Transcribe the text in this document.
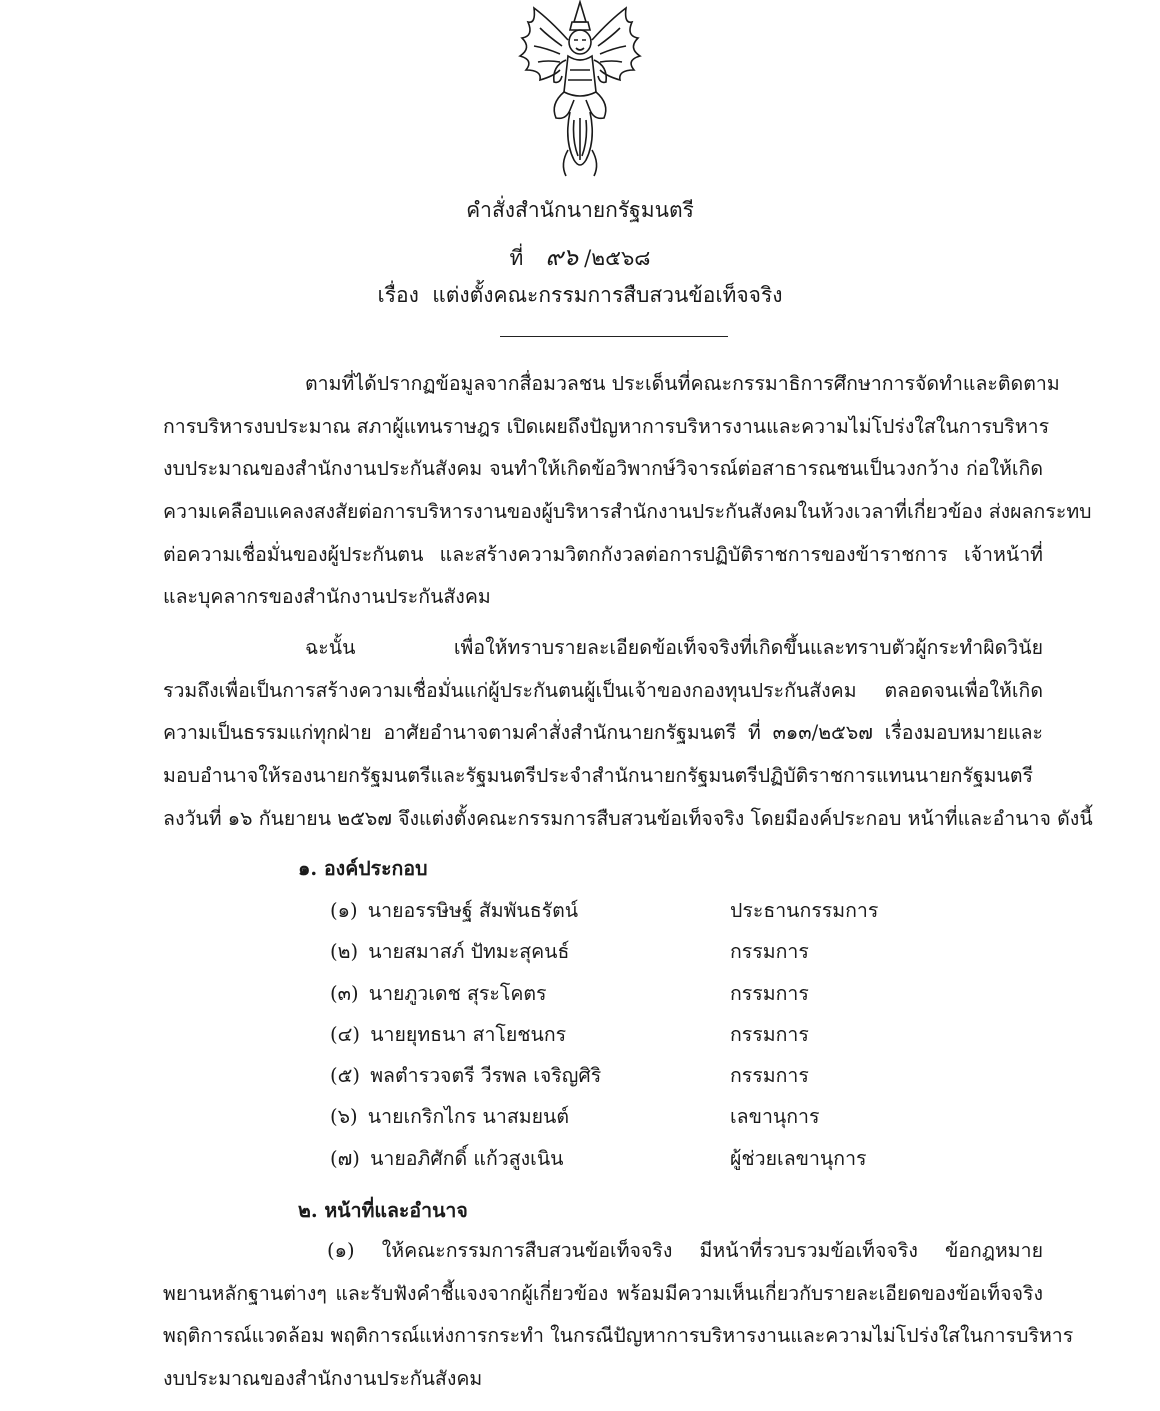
คำสั่งสำนักนายกรัฐมนตรี
ที่ ๙๖ /๒๕๖๘
เรื่อง แต่งตั้งคณะกรรมการสืบสวนข้อเท็จจริง
ตามที่ได้ปรากฏข้อมูลจากสื่อมวลชน ประเด็นที่คณะกรรมาธิการศึกษาการจัดทำและติดตาม
การบริหารงบประมาณ สภาผู้แทนราษฎร เปิดเผยถึงปัญหาการบริหารงานและความไม่โปร่งใสในการบริหาร
งบประมาณของสำนักงานประกันสังคม จนทำให้เกิดข้อวิพากษ์วิจารณ์ต่อสาธารณชนเป็นวงกว้าง ก่อให้เกิด
ความเคลือบแคลงสงสัยต่อการบริหารงานของผู้บริหารสำนักงานประกันสังคมในห้วงเวลาที่เกี่ยวข้อง ส่งผลกระทบ
ต่อความเชื่อมั่นของผู้ประกันตน และสร้างความวิตกกังวลต่อการปฏิบัติราชการของข้าราชการ เจ้าหน้าที่
และบุคลากรของสำนักงานประกันสังคม
ฉะนั้น เพื่อให้ทราบรายละเอียดข้อเท็จจริงที่เกิดขึ้นและทราบตัวผู้กระทำผิดวินัย
รวมถึงเพื่อเป็นการสร้างความเชื่อมั่นแก่ผู้ประกันตนผู้เป็นเจ้าของกองทุนประกันสังคม ตลอดจนเพื่อให้เกิด
ความเป็นธรรมแก่ทุกฝ่าย อาศัยอำนาจตามคำสั่งสำนักนายกรัฐมนตรี ที่ ๓๑๓/๒๕๖๗ เรื่องมอบหมายและ
มอบอำนาจให้รองนายกรัฐมนตรีและรัฐมนตรีประจำสำนักนายกรัฐมนตรีปฏิบัติราชการแทนนายกรัฐมนตรี
ลงวันที่ ๑๖ กันยายน ๒๕๖๗ จึงแต่งตั้งคณะกรรมการสืบสวนข้อเท็จจริง โดยมีองค์ประกอบ หน้าที่และอำนาจ ดังนี้
๑. องค์ประกอบ
(๑) นายอรรษิษฐ์ สัมพันธรัตน์	ประธานกรรมการ
(๒) นายสมาสภ์ ปัทมะสุคนธ์	กรรมการ
(๓) นายภูวเดช สุระโคตร	กรรมการ
(๔) นายยุทธนา สาโยชนกร	กรรมการ
(๕) พลตำรวจตรี วีรพล เจริญศิริ	กรรมการ
(๖) นายเกริกไกร นาสมยนต์	เลขานุการ
(๗) นายอภิศักดิ์ แก้วสูงเนิน	ผู้ช่วยเลขานุการ
๒. หน้าที่และอำนาจ
(๑) ให้คณะกรรมการสืบสวนข้อเท็จจริง มีหน้าที่รวบรวมข้อเท็จจริง ข้อกฎหมาย
พยานหลักฐานต่างๆ และรับฟังคำชี้แจงจากผู้เกี่ยวข้อง พร้อมมีความเห็นเกี่ยวกับรายละเอียดของข้อเท็จจริง
พฤติการณ์แวดล้อม พฤติการณ์แห่งการกระทำ ในกรณีปัญหาการบริหารงานและความไม่โปร่งใสในการบริหาร
งบประมาณของสำนักงานประกันสังคม
